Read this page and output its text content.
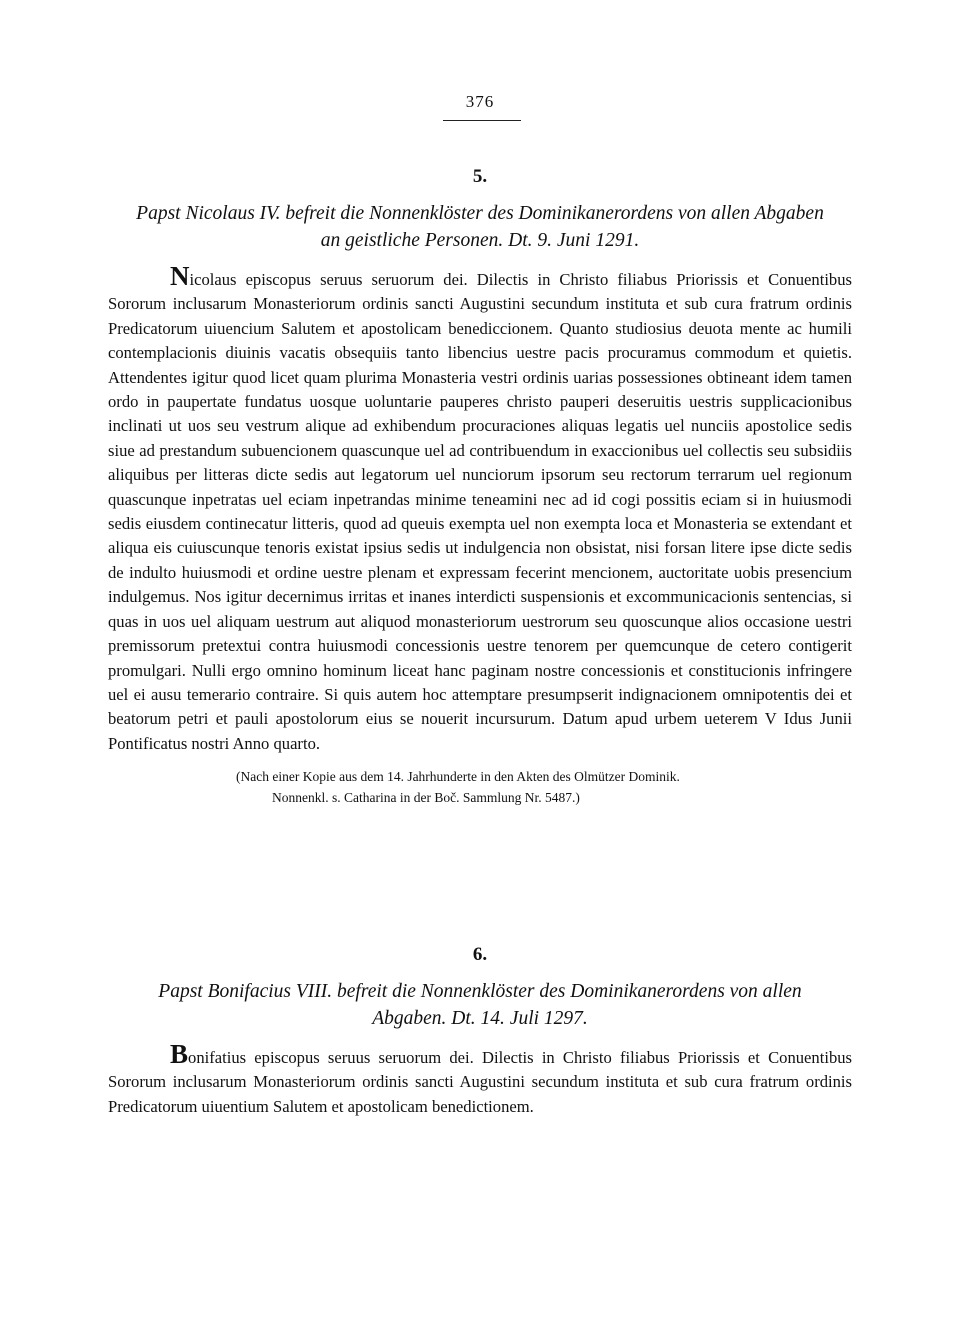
376
5.
Papst Nicolaus IV. befreit die Nonnenklöster des Dominikanerordens von allen Abgaben
an geistliche Personen. Dt. 9. Juni 1291.

Nicolaus episcopus seruus seruorum dei. Dilectis in Christo filiabus Priorissis et Conuentibus Sororum inclusarum Monasteriorum ordinis sancti Augustini secundum instituta et sub cura fratrum ordinis Predicatorum uiuencium Salutem et apostolicam benediccionem. Quanto studiosius deuota mente ac humili contemplacionis diuinis vacatis obsequiis tanto libencius uestre pacis procuramus commodum et quietis. Attendentes igitur quod licet quam plurima Monasteria vestri ordinis uarias possessiones obtineant idem tamen ordo in paupertate fundatus uosque uoluntarie pauperes christo pauperi deseruitis uestris supplicacionibus inclinati ut uos seu vestrum alique ad exhibendum procuraciones aliquas legatis uel nunciis apostolice sedis siue ad prestandum subuencionem quascunque uel ad contribuendum in exaccionibus uel collectis seu subsidiis aliquibus per litteras dicte sedis aut legatorum uel nunciorum ipsorum seu rectorum terrarum uel regionum quascunque inpetratas uel eciam inpetrandas minime teneamini nec ad id cogi possitis eciam si in huiusmodi sedis eiusdem continecatur litteris, quod ad queuis exempta uel non exempta loca et Monasteria se extendant et aliqua eis cuiuscunque tenoris existat ipsius sedis ut indulgencia non obsistat, nisi forsan litere ipse dicte sedis de indulto huiusmodi et ordine uestre plenam et expressam fecerint mencionem, auctoritate uobis presencium indulgemus. Nos igitur decernimus irritas et inanes interdicti suspensionis et excommunicacionis sentencias, si quas in uos uel aliquam uestrum aut aliquod monasteriorum uestrorum seu quoscunque alios occasione uestri premissorum pretextui contra huiusmodi concessionis uestre tenorem per quemcunque de cetero contigerit promulgari. Nulli ergo omnino hominum liceat hanc paginam nostre concessionis et constitucionis infringere uel ei ausu temerario contraire. Si quis autem hoc attemptare presumpserit indignacionem omnipotentis dei et beatorum petri et pauli apostolorum eius se nouerit incursurum. Datum apud urbem ueterem V Idus Junii Pontificatus nostri Anno quarto.

(Nach einer Kopie aus dem 14. Jahrhunderte in den Akten des Olmützer Dominik.
Nonnenkl. s. Catharina in der Boč. Sammlung Nr. 5487.)
6.
Papst Bonifacius VIII. befreit die Nonnenklöster des Dominikanerordens von allen
Abgaben. Dt. 14. Juli 1297.

Bonifatius episcopus seruus seruorum dei. Dilectis in Christo filiabus Priorissis et Conuentibus Sororum inclusarum Monasteriorum ordinis sancti Augustini secundum instituta et sub cura fratrum ordinis Predicatorum uiuentium Salutem et apostolicam benedictionem.
